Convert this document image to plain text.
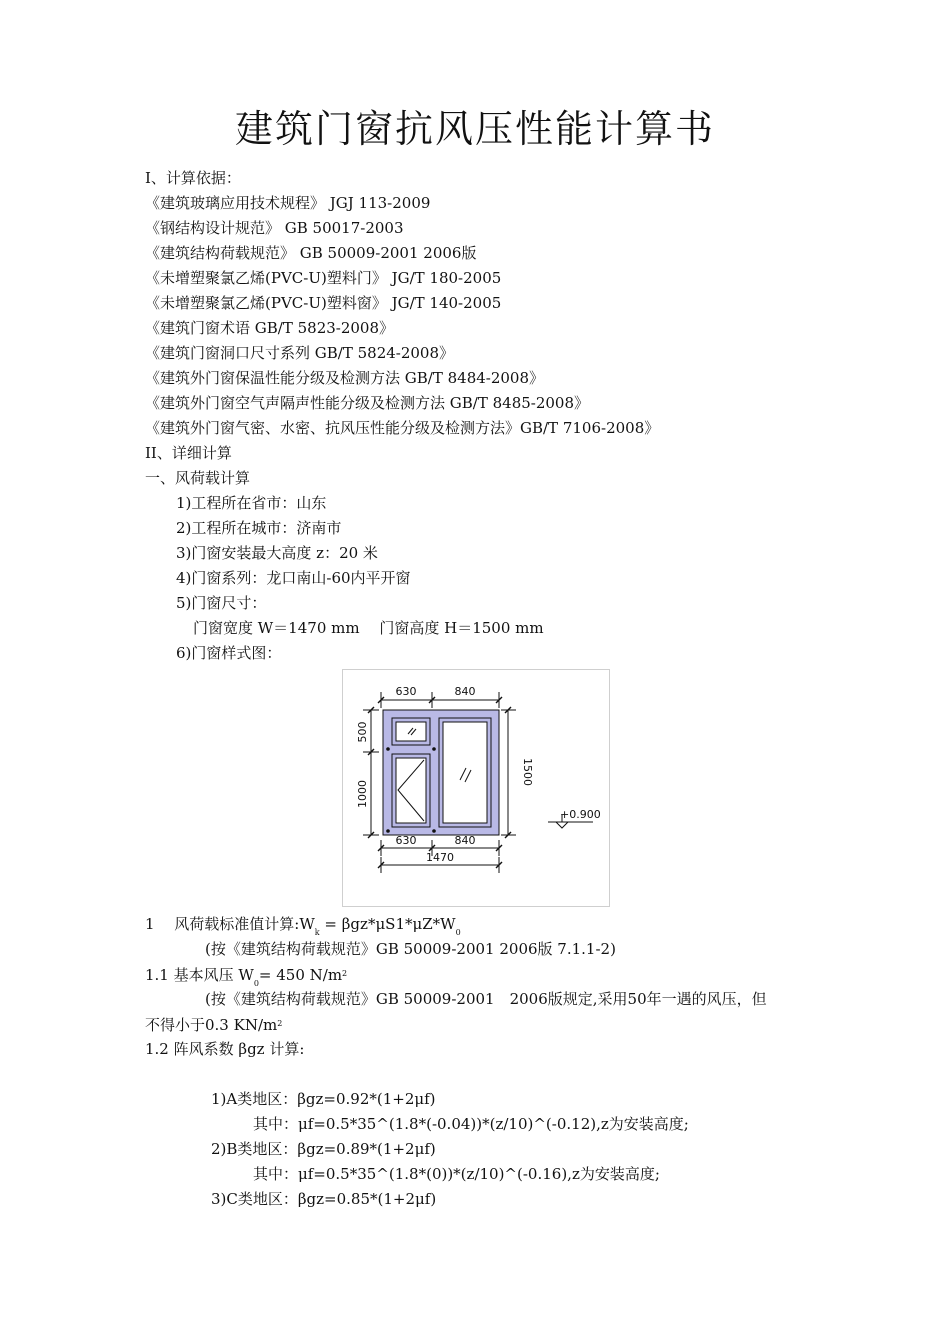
建筑门窗抗风压性能计算书
I、计算依据：
《建筑玻璃应用技术规程》 JGJ 113-2009
《钢结构设计规范》 GB 50017-2003
《建筑结构荷载规范》 GB 50009-2001 2006版
《未增塑聚氯乙烯(PVC-U)塑料门》 JG/T 180-2005
《未增塑聚氯乙烯(PVC-U)塑料窗》 JG/T 140-2005
《建筑门窗术语 GB/T 5823-2008》
《建筑门窗洞口尺寸系列 GB/T 5824-2008》
《建筑外门窗保温性能分级及检测方法 GB/T 8484-2008》
《建筑外门窗空气声隔声性能分级及检测方法 GB/T 8485-2008》
《建筑外门窗气密、水密、抗风压性能分级及检测方法》GB/T 7106-2008》
II、详细计算
一、风荷载计算
1)工程所在省市：山东
2)工程所在城市：济南市
3)门窗安装最大高度 z：20 米
4)门窗系列：龙口南山-60内平开窗
5)门窗尺寸：
门窗宽度 W＝1470 mm　 门窗高度 H＝1500 mm
6)门窗样式图：
630	840
630	840
1470
500
1000
1500
+0.900
1　 风荷载标准值计算$:W_k = \beta gz*\mu S1*\mu Z*W_0$
(按《建筑结构荷载规范》GB 50009-2001 2006版 7.1.1-2)
1.1 基本风压 $W_0= 450$ $N/m^2$
(按《建筑结构荷载规范》GB 50009-2001　2006版规定,采用50年一遇的风压，但
不得小于0.3 $KN/m^2$
1.2 阵风系数 βgz 计算:
1)A类地区：βgz=0.92*(1+2μf)
其中：μf=0.5*35^(1.8*(-0.04))*(z/10)^(-0.12),z为安装高度;
2)B类地区：βgz=0.89*(1+2μf)
其中：μf=0.5*35^(1.8*(0))*(z/10)^(-0.16),z为安装高度;
3)C类地区：βgz=0.85*(1+2μf)
